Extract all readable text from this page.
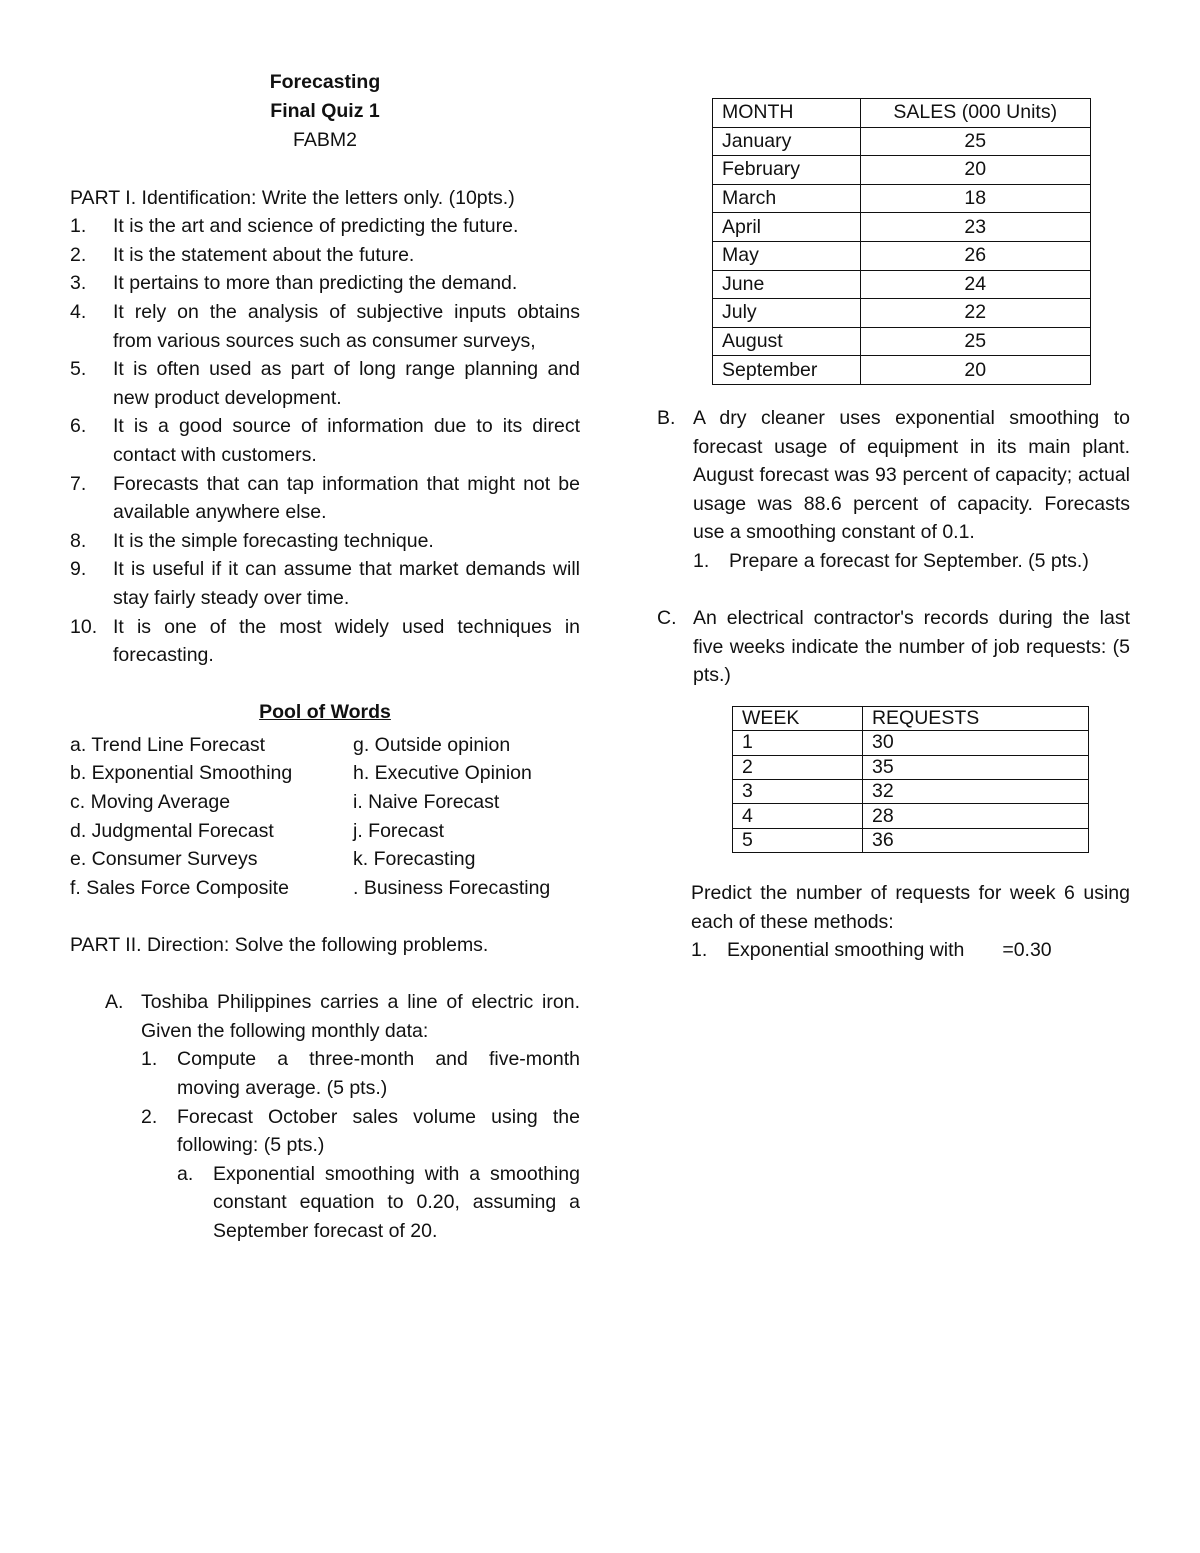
Forecasting
Final Quiz 1
FABM2
PART I. Identification: Write the letters only. (10pts.)
1.	It is the art and science of predicting the future.
2.	It is the statement about the future.
3.	It pertains to more than predicting the demand.
4.	It rely on the analysis of subjective inputs obtains from various sources such as consumer surveys,
5.	It is often used as part of long range planning and new product development.
6.	It is a good source of information due to its direct contact with customers.
7.	Forecasts that can tap information that might not be available anywhere else.
8.	It is the simple forecasting technique.
9.	It is useful if it can assume that market demands will stay fairly steady over time.
10. It is one of the most widely used techniques in forecasting.
Pool of Words
a. Trend Line Forecast	g. Outside opinion
b. Exponential Smoothing	h. Executive Opinion
c. Moving Average	i. Naive Forecast
d. Judgmental Forecast	j. Forecast
e. Consumer Surveys	k. Forecasting
f. Sales Force Composite	. Business Forecasting
PART II. Direction: Solve the following problems.
A. Toshiba Philippines carries a line of electric iron. Given the following monthly data:
1.	Compute a three-month and five-month moving average. (5 pts.)
2.	Forecast October sales volume using the following: (5 pts.)
a.	Exponential smoothing with a smoothing constant equation to 0.20, assuming a September forecast of 20.
MONTH	SALES (000 Units)
January	25
February	20
March	18
April	23
May	26
June	24
July	22
August	25
September	20
B. A dry cleaner uses exponential smoothing to forecast usage of equipment in its main plant. August forecast was 93 percent of capacity; actual usage was 88.6 percent of capacity. Forecasts use a smoothing constant of 0.1.
1.	Prepare a forecast for September. (5 pts.)
C. An electrical contractor's records during the last five weeks indicate the number of job requests: (5 pts.)
WEEK	REQUESTS
1	30
2	35
3	32
4	28
5	36
Predict the number of requests for week 6 using each of these methods:
1.	Exponential smoothing with       =0.30
